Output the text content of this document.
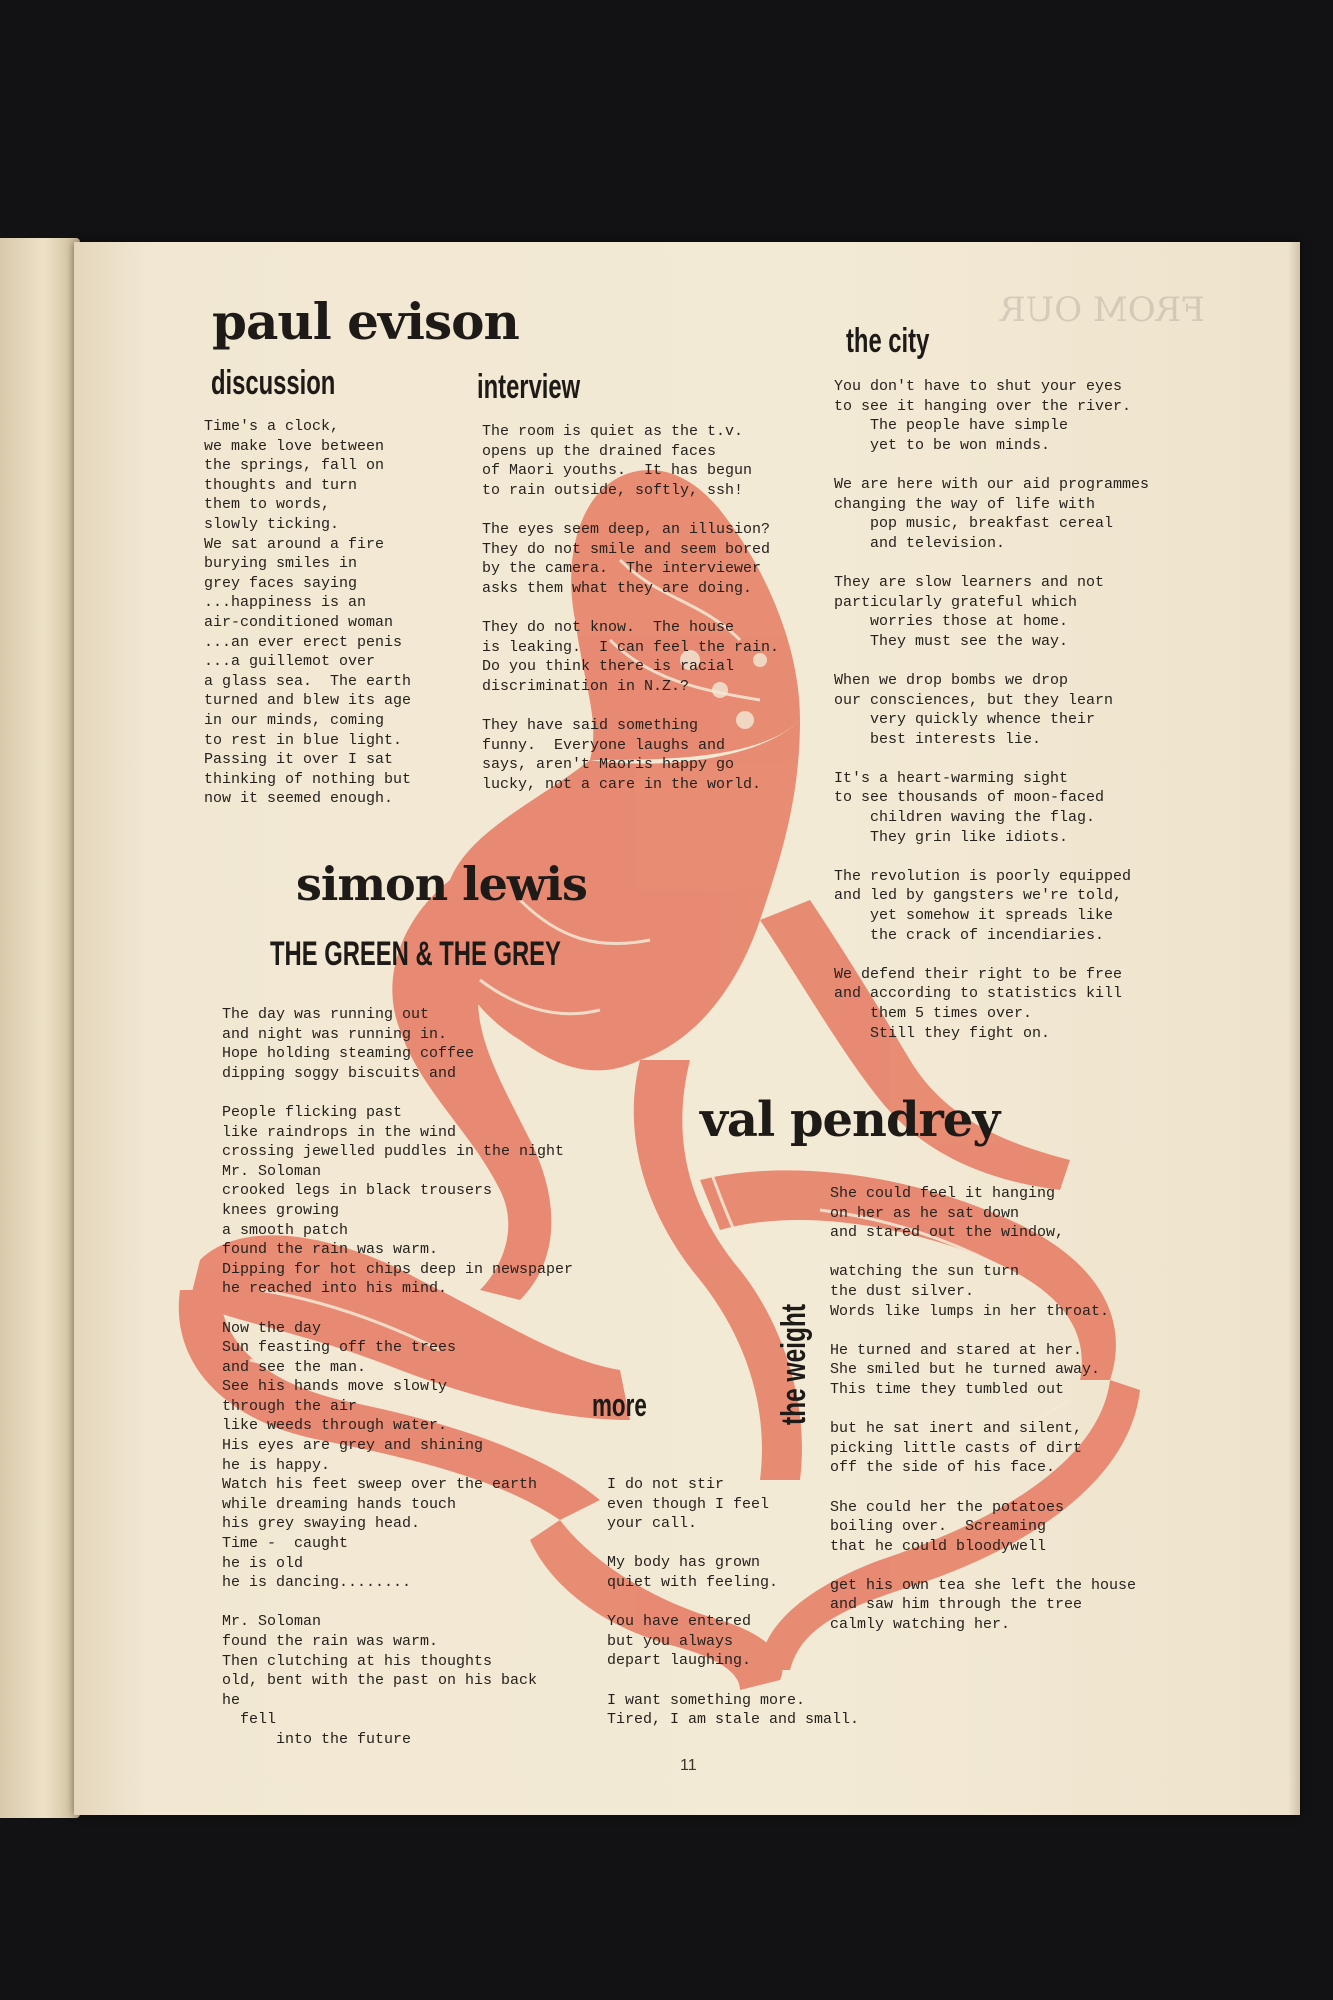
FROM OUR

paul evison
discussion

Time's a clock,
we make love between
the springs, fall on
thoughts and turn
them to words,
slowly ticking.
We sat around a fire
burying smiles in
grey faces saying
...happiness is an
air-conditioned woman
...an ever erect penis
...a guillemot over
a glass sea.  The earth
turned and blew its age
in our minds, coming
to rest in blue light.
Passing it over I sat
thinking of nothing but
now it seemed enough.

interview

The room is quiet as the t.v.
opens up the drained faces
of Maori youths.  It has begun
to rain outside, softly, ssh!

The eyes seem deep, an illusion?
They do not smile and seem bored
by the camera.  The interviewer
asks them what they are doing.

They do not know.  The house
is leaking.  I can feel the rain.
Do you think there is racial
discrimination in N.Z.?

They have said something
funny.  Everyone laughs and
says, aren't Maoris happy go
lucky, not a care in the world.

the city

You don't have to shut your eyes
to see it hanging over the river.
The people have simple
yet to be won minds.

We are here with our aid programmes
changing the way of life with
pop music, breakfast cereal
and television.

They are slow learners and not
particularly grateful which
worries those at home.
They must see the way.

When we drop bombs we drop
our consciences, but they learn
very quickly whence their
best interests lie.

It's a heart-warming sight
to see thousands of moon-faced
children waving the flag.
They grin like idiots.

The revolution is poorly equipped
and led by gangsters we're told,
yet somehow it spreads like
the crack of incendiaries.

We defend their right to be free
and according to statistics kill
them 5 times over.
Still they fight on.

simon lewis
THE GREEN & THE GREY

The day was running out
and night was running in.
Hope holding steaming coffee
dipping soggy biscuits and

People flicking past
like raindrops in the wind
crossing jewelled puddles in the night
Mr. Soloman
crooked legs in black trousers
knees growing
a smooth patch
found the rain was warm.
Dipping for hot chips deep in newspaper
he reached into his mind.

Now the day
Sun feasting off the trees
and see the man.
See his hands move slowly
through the air
like weeds through water.
His eyes are grey and shining
he is happy.
Watch his feet sweep over the earth
while dreaming hands touch
his grey swaying head.
Time -  caught
he is old
he is dancing........

Mr. Soloman
found the rain was warm.
Then clutching at his thoughts
old, bent with the past on his back
he
fell
into the future

more

I do not stir
even though I feel
your call.

My body has grown
quiet with feeling.

You have entered
but you always
depart laughing.

I want something more.
Tired, I am stale and small.

val pendrey
the weight

She could feel it hanging
on her as he sat down
and stared out the window,

watching the sun turn
the dust silver.
Words like lumps in her throat.

He turned and stared at her.
She smiled but he turned away.
This time they tumbled out

but he sat inert and silent,
picking little casts of dirt
off the side of his face.

She could her the potatoes
boiling over.  Screaming
that he could bloodywell

get his own tea she left the house
and saw him through the tree
calmly watching her.

11
